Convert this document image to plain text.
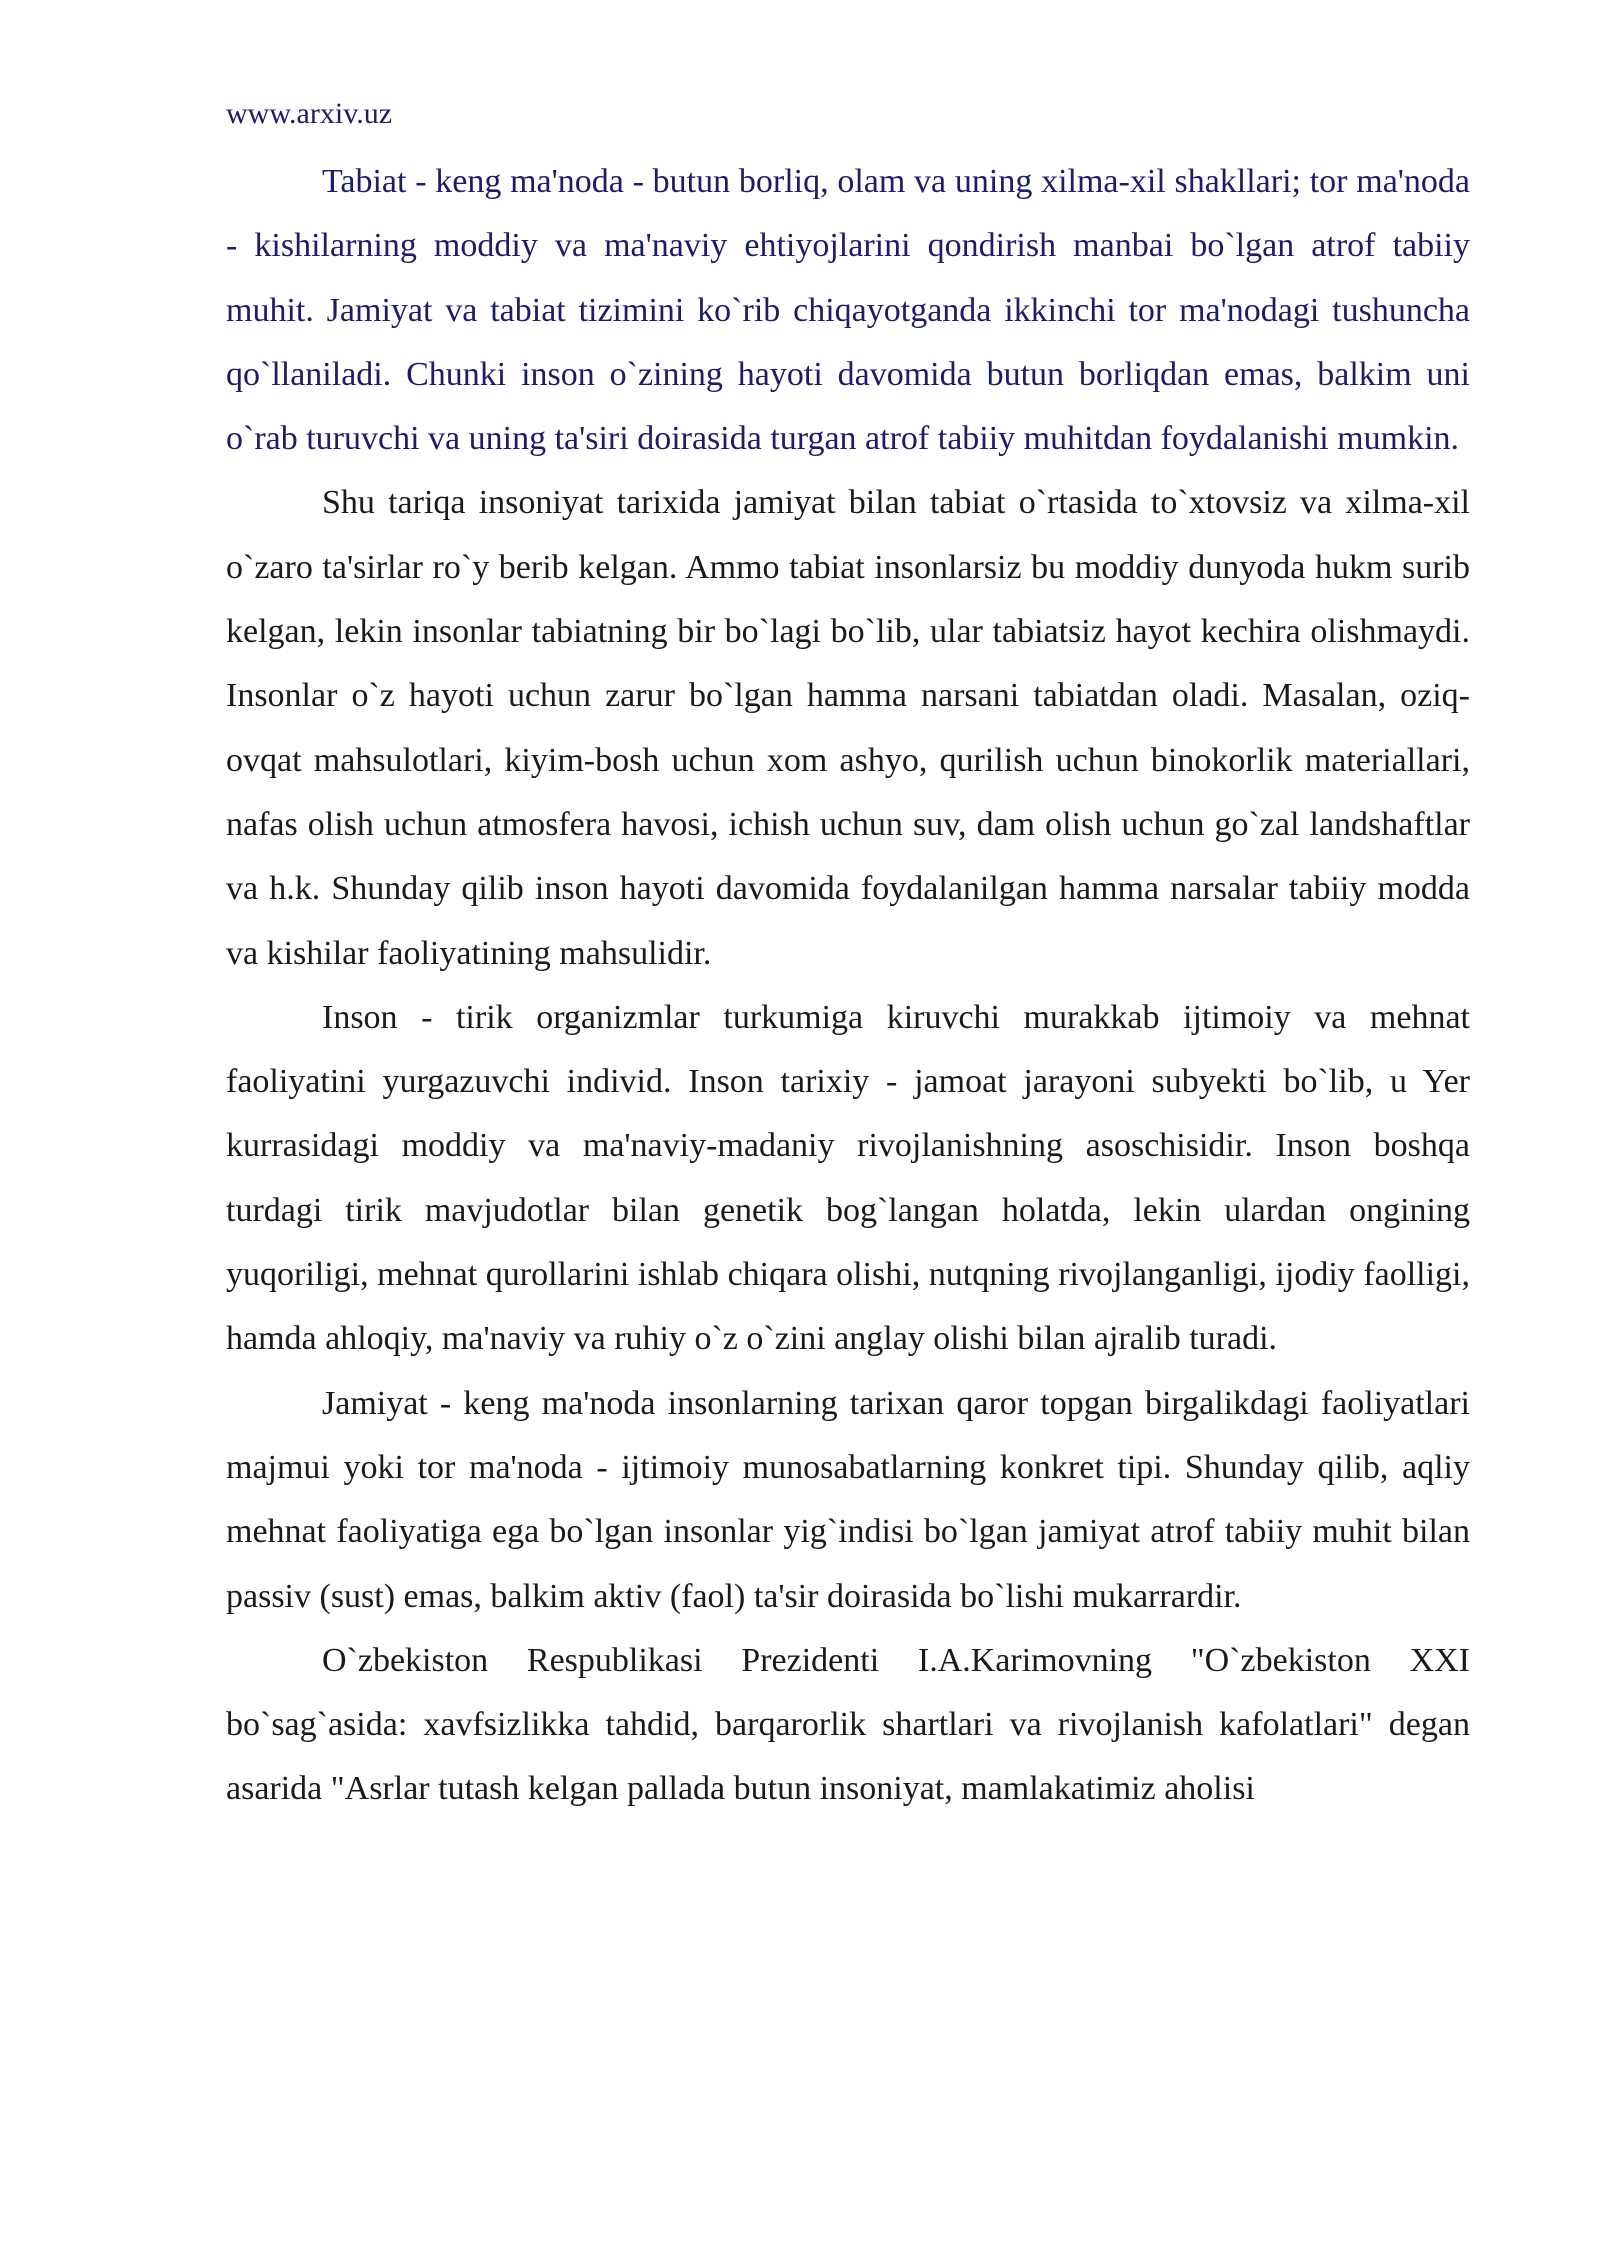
www.arxiv.uz

Tabiat - keng ma'noda - butun borliq, olam va uning xilma-xil shakllari; tor ma'noda - kishilarning moddiy va ma'naviy ehtiyojlarini qondirish manbai bo`lgan atrof tabiiy muhit. Jamiyat va tabiat tizimini ko`rib chiqayotganda ikkinchi tor ma'nodagi tushuncha qo`llaniladi. Chunki inson o`zining hayoti davomida butun borliqdan emas, balkim uni o`rab turuvchi va uning ta'siri doirasida turgan atrof tabiiy muhitdan foydalanishi mumkin.

Shu tariqa insoniyat tarixida jamiyat bilan tabiat o`rtasida to`xtovsiz va xilma-xil o`zaro ta'sirlar ro`y berib kelgan. Ammo tabiat insonlarsiz bu moddiy dunyoda hukm surib kelgan, lekin insonlar tabiatning bir bo`lagi bo`lib, ular tabiatsiz hayot kechira olishmaydi. Insonlar o`z hayoti uchun zarur bo`lgan hamma narsani tabiatdan oladi. Masalan, oziq-ovqat mahsulotlari, kiyim-bosh uchun xom ashyo, qurilish uchun binokorlik materiallari, nafas olish uchun atmosfera havosi, ichish uchun suv, dam olish uchun go`zal landshaftlar va h.k. Shunday qilib inson hayoti davomida foydalanilgan hamma narsalar tabiiy modda va kishilar faoliyatining mahsulidir.

Inson - tirik organizmlar turkumiga kiruvchi murakkab ijtimoiy va mehnat faoliyatini yurgazuvchi individ. Inson tarixiy - jamoat jarayoni subyekti bo`lib, u Yer kurrasidagi moddiy va ma'naviy-madaniy rivojlanishning asoschisidir. Inson boshqa turdagi tirik mavjudotlar bilan genetik bog`langan holatda, lekin ulardan ongining yuqoriligi, mehnat qurollarini ishlab chiqara olishi, nutqning rivojlanganligi, ijodiy faolligi, hamda ahloqiy, ma'naviy va ruhiy o`z o`zini anglay olishi bilan ajralib turadi.

Jamiyat - keng ma'noda insonlarning tarixan qaror topgan birgalikdagi faoliyatlari majmui yoki tor ma'noda - ijtimoiy munosabatlarning konkret tipi. Shunday qilib, aqliy mehnat faoliyatiga ega bo`lgan insonlar yig`indisi bo`lgan jamiyat atrof tabiiy muhit bilan passiv (sust) emas, balkim aktiv (faol) ta'sir doirasida bo`lishi mukarrardir.

O`zbekiston Respublikasi Prezidenti I.A.Karimovning "O`zbekiston XXI bo`sag`asida: xavfsizlikka tahdid, barqarorlik shartlari va rivojlanish kafolatlari" degan asarida "Asrlar tutash kelgan pallada butun insoniyat, mamlakatimiz aholisi
